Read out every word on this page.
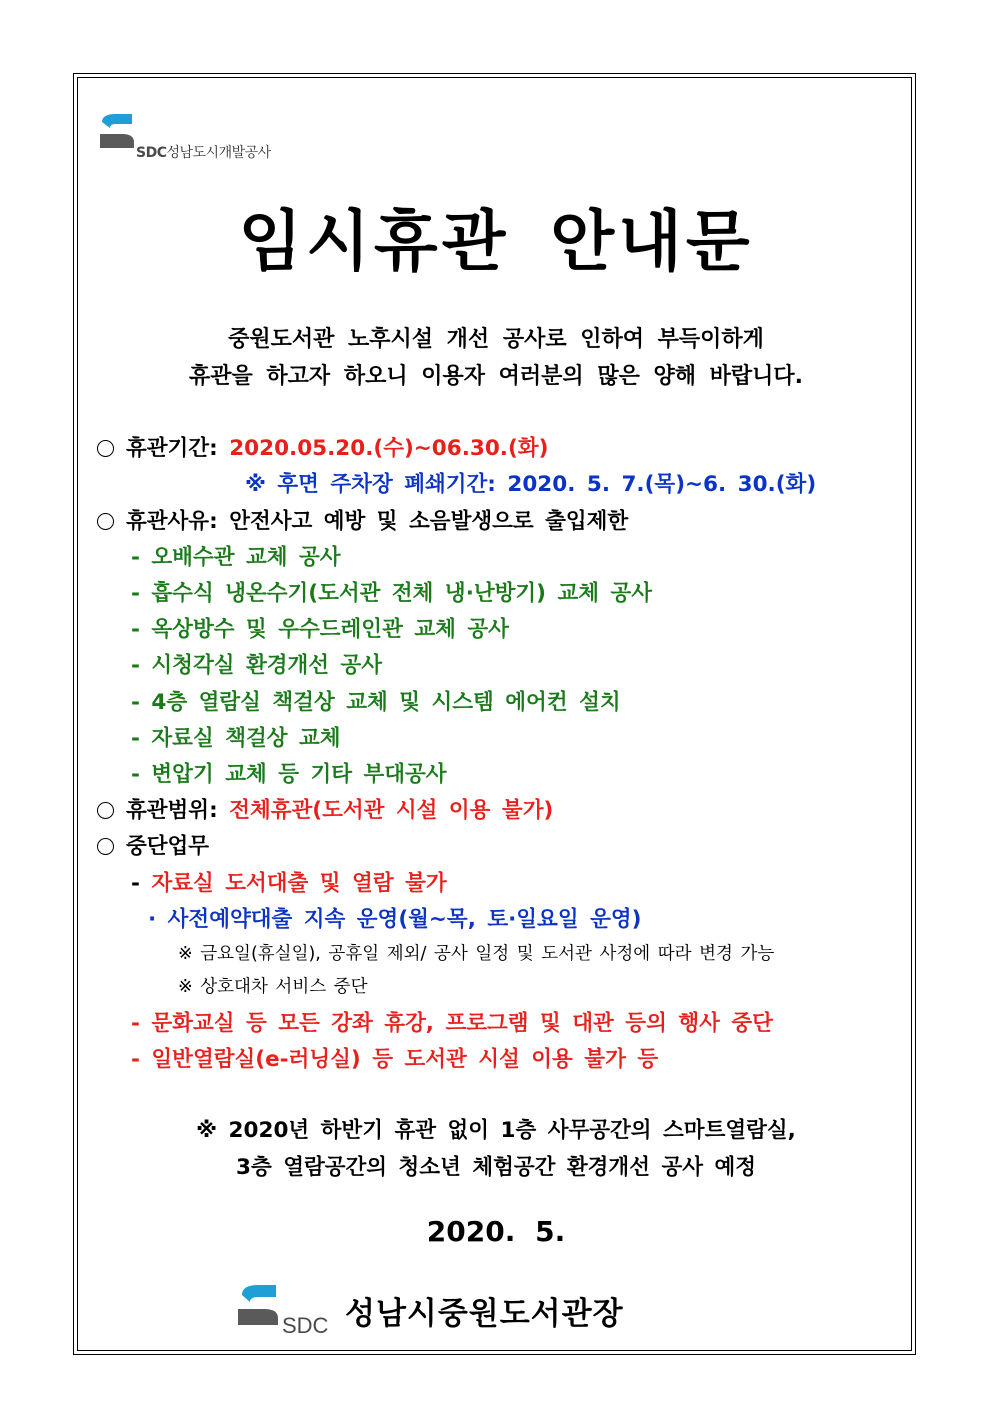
SDC성남도시개발공사
임시휴관 안내문
중원도서관 노후시설 개선 공사로 인하여 부득이하게
휴관을 하고자 하오니 이용자 여러분의 많은 양해 바랍니다.
휴관기간: 2020.05.20.(수)~06.30.(화)
※ 후면 주차장 폐쇄기간: 2020. 5. 7.(목)~6. 30.(화)
휴관사유: 안전사고 예방 및 소음발생으로 출입제한
- 오배수관 교체 공사
- 흡수식 냉온수기(도서관 전체 냉·난방기) 교체 공사
- 옥상방수 및 우수드레인관 교체 공사
- 시청각실 환경개선 공사
- 4층 열람실 책걸상 교체 및 시스템 에어컨 설치
- 자료실 책걸상 교체
- 변압기 교체 등 기타 부대공사
휴관범위: 전체휴관(도서관 시설 이용 불가)
중단업무
- 자료실 도서대출 및 열람 불가
· 사전예약대출 지속 운영(월~목, 토·일요일 운영)
※ 금요일(휴실일), 공휴일 제외/ 공사 일정 및 도서관 사정에 따라 변경 가능
※ 상호대차 서비스 중단
- 문화교실 등 모든 강좌 휴강, 프로그램 및 대관 등의 행사 중단
- 일반열람실(e-러닝실) 등 도서관 시설 이용 불가 등
※ 2020년 하반기 휴관 없이 1층 사무공간의 스마트열람실,
3층 열람공간의 청소년 체험공간 환경개선 공사 예정
2020. 5.
SDC 성남시중원도서관장
